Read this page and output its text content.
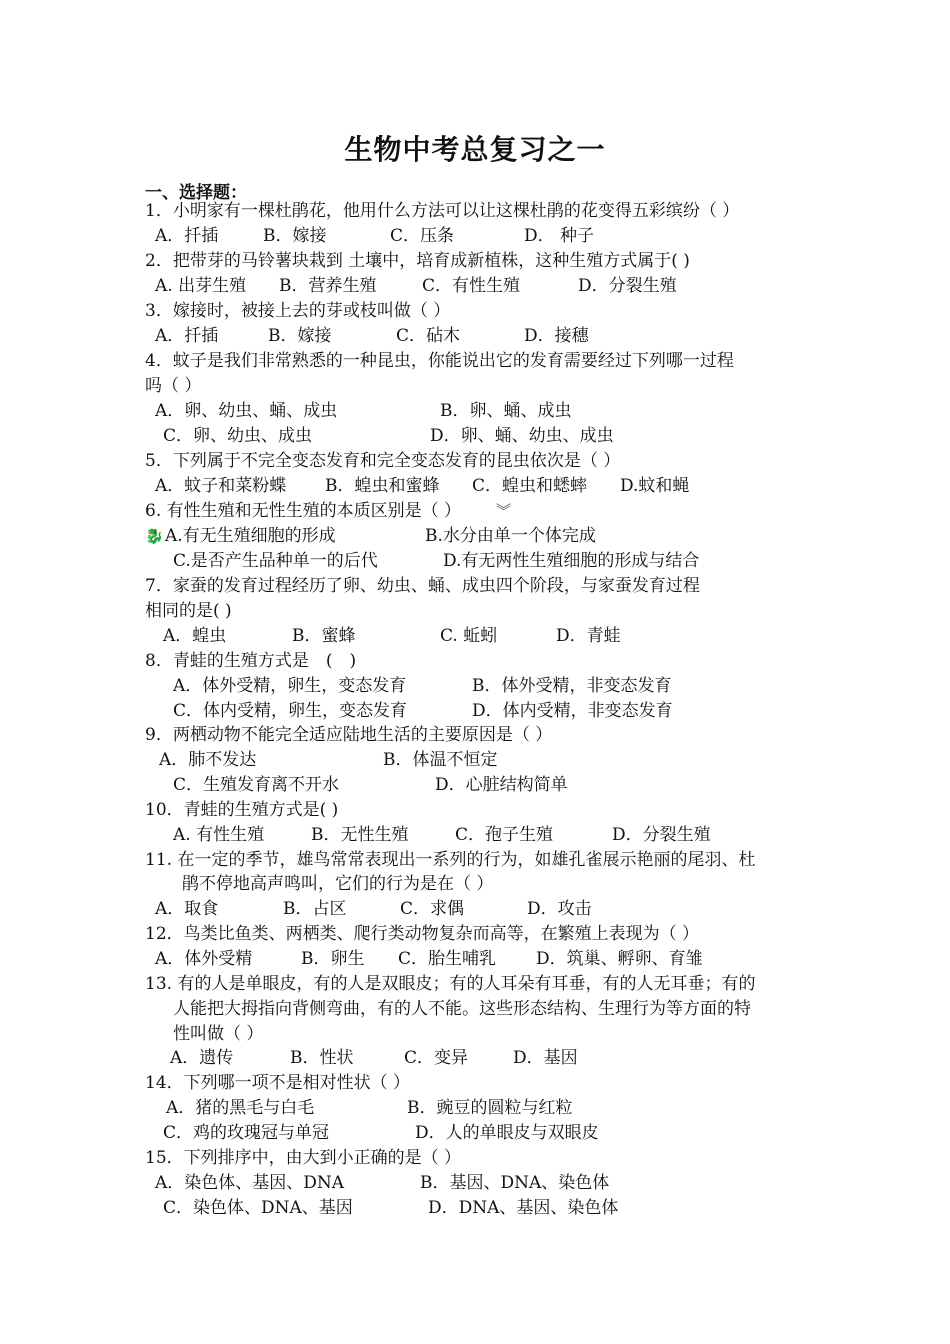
生物中考总复习之一
一、选择题：
1．小明家有一棵杜鹃花，他用什么方法可以让这棵杜鹃的花变得五彩缤纷（ ）
A．扦插	B．嫁接	C．压条	D． 种子
2．把带芽的马铃薯块栽到 土壤中，培育成新植株，这种生殖方式属于( )
A. 出芽生殖 B．营养生殖	C．有性生殖	D．分裂生殖
3．嫁接时，被接上去的芽或枝叫做（ ）
A．扦插	B．嫁接	C．砧木	D．接穗
4．蚊子是我们非常熟悉的一种昆虫，你能说出它的发育需要经过下列哪一过程
吗（ ）
A．卵、幼虫、蛹、成虫	B．卵、蛹、成虫
C．卵、幼虫、成虫	D．卵、蛹、幼虫、成虫
5．下列属于不完全变态发育和完全变态发育的昆虫依次是（ ）
A．蚊子和菜粉蝶 B．蝗虫和蜜蜂 C．蝗虫和蟋蟀 D.蚊和蝇
6. 有性生殖和无性生殖的本质区别是（ ） ︾
🐉 A.有无生殖细胞的形成	B.水分由单一个体完成
C.是否产生品种单一的后代	D.有无两性生殖细胞的形成与结合
7．家蚕的发育过程经历了卵、幼虫、蛹、成虫四个阶段，与家蚕发育过程
相同的是( )
A．蝗虫	B．蜜蜂	C. 蚯蚓	D．青蛙
8．青蛙的生殖方式是　(　)
A．体外受精，卵生，变态发育	B．体外受精，非变态发育
C．体内受精，卵生，变态发育	D．体内受精，非变态发育
9．两栖动物不能完全适应陆地生活的主要原因是（ ）
A．肺不发达	B．体温不恒定
C．生殖发育离不开水	D．心脏结构简单
10．青蛙的生殖方式是( )
A. 有性生殖	B．无性生殖	C．孢子生殖	D．分裂生殖
11. 在一定的季节，雄鸟常常表现出一系列的行为，如雄孔雀展示艳丽的尾羽、杜
鹃不停地高声鸣叫，它们的行为是在（ ）
A．取食	B．占区	C．求偶	D．攻击
12．鸟类比鱼类、两栖类、爬行类动物复杂而高等，在繁殖上表现为（ ）
A．体外受精	B．卵生 C．胎生哺乳 D．筑巢、孵卵、育雏
13. 有的人是单眼皮，有的人是双眼皮；有的人耳朵有耳垂，有的人无耳垂；有的
人能把大拇指向背侧弯曲，有的人不能。这些形态结构、生理行为等方面的特
性叫做（ ）
A．遗传	B．性状	C．变异	D．基因
14．下列哪一项不是相对性状（ ）
A．猪的黑毛与白毛	B．豌豆的圆粒与红粒
C．鸡的玫瑰冠与单冠	D．人的单眼皮与双眼皮
15．下列排序中，由大到小正确的是（ ）
A．染色体、基因、DNA	B．基因、DNA、染色体
C．染色体、DNA、基因	D．DNA、基因、染色体
